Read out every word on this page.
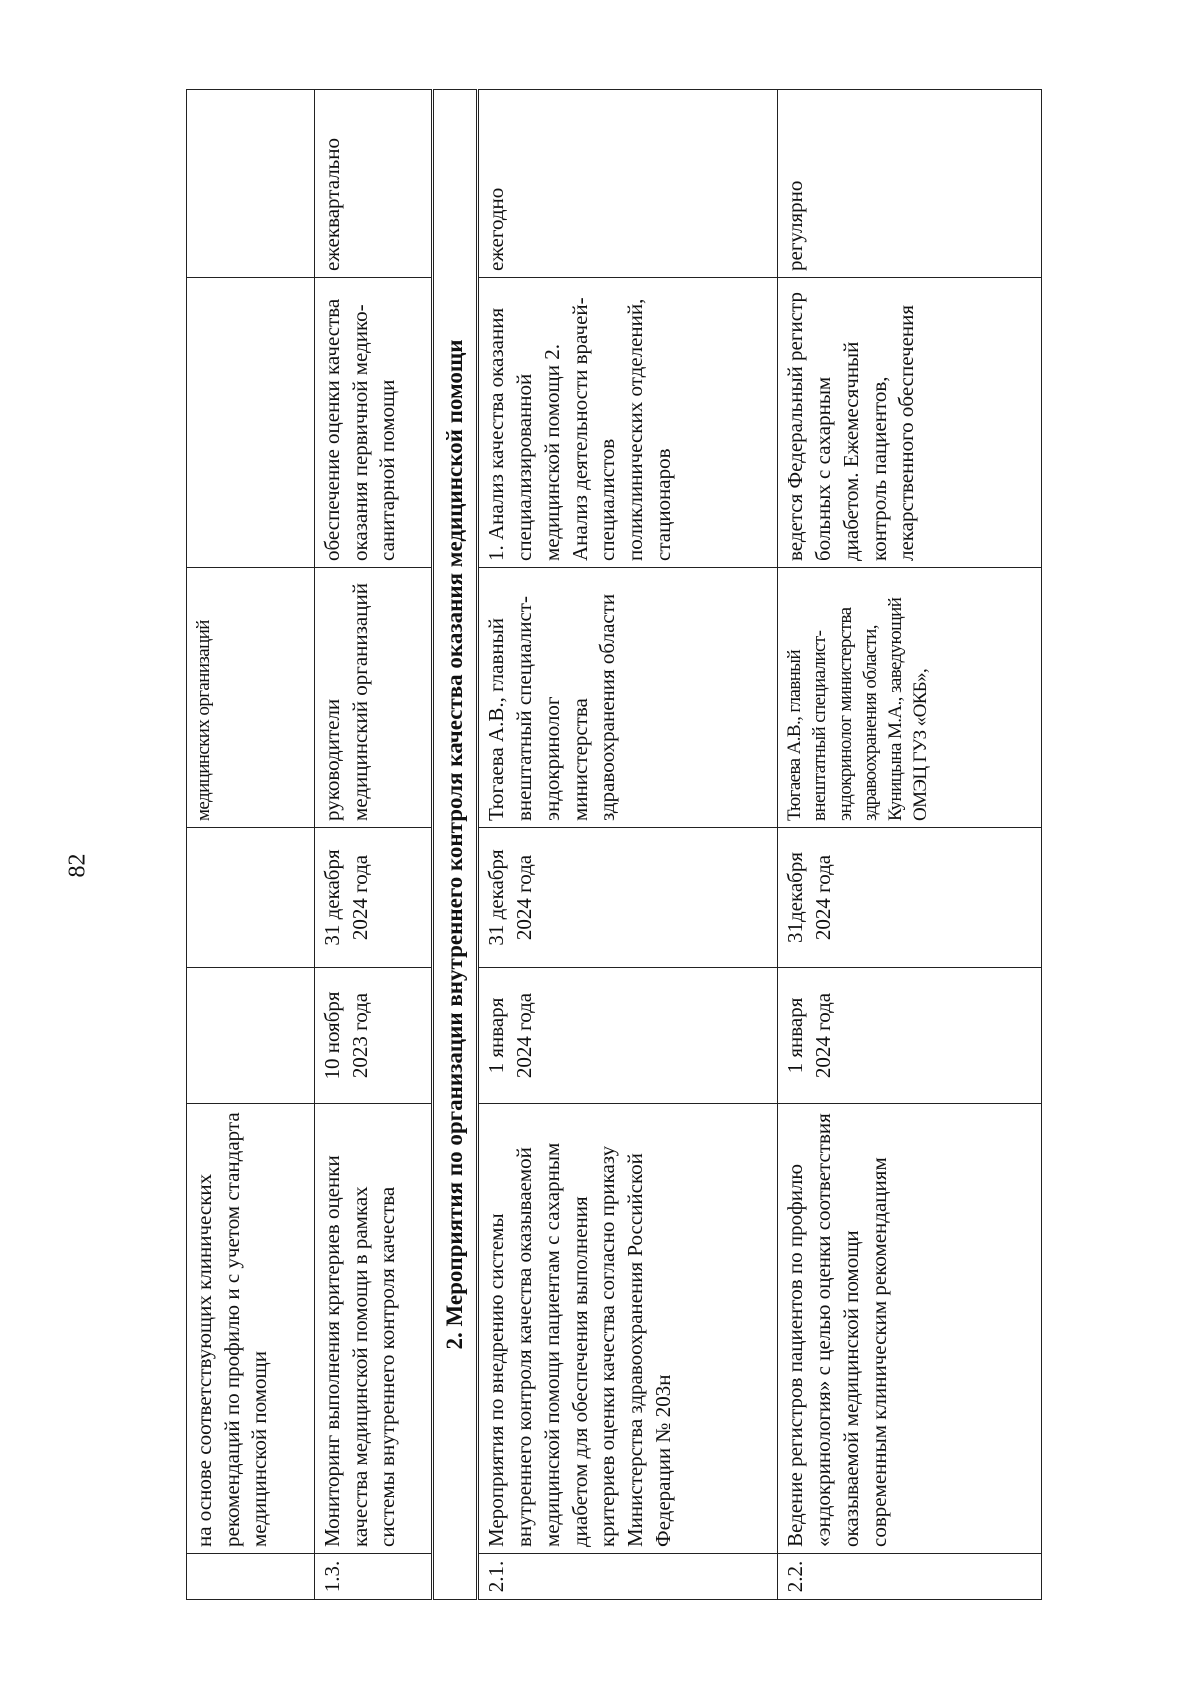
82
	на основе соответствующих клинических рекомендаций по профилю и с учетом стандарта медицинской помощи			медицинских организаций		
1.3.	Мониторинг выполнения критериев оценки качества медицинской помощи в рамках системы внутреннего контроля качества	10 ноября 2023 года	31 декабря 2024 года	руководители медицинский организаций	обеспечение оценки качества оказания первичной медико-санитарной помощи	ежеквартально
2. Мероприятия по организации внутреннего контроля качества оказания медицинской помощи						
2.1.	Мероприятия по внедрению системы внутреннего контроля качества оказываемой медицинской помощи пациентам с сахарным диабетом для обеспечения выполнения критериев оценки качества согласно приказу Министерства здравоохранения Российской Федерации № 203н	1 января 2024 года	31 декабря 2024 года	Тюгаева А.В., главный внештатный специалист-эндокринолог министерства здравоохранения области	1. Анализ качества оказания специализированной медицинской помощи 2. Анализ деятельности врачей-специалистов поликлинических отделений, стационаров	ежегодно
2.2.	Ведение регистров пациентов по профилю «эндокринология» с целью оценки соответствия оказываемой медицинской помощи современным клиническим рекомендациям	1 января 2024 года	31декабря 2024 года	Тюгаева А.В., главный внештатный специалист-эндокринолог министерства здравоохранения области, Куницына М.А., заведующий ОМЭЦ ГУЗ «ОКБ»,	ведется Федеральный регистр больных с сахарным диабетом. Ежемесячный контроль пациентов, лекарственного обеспечения	регулярно
